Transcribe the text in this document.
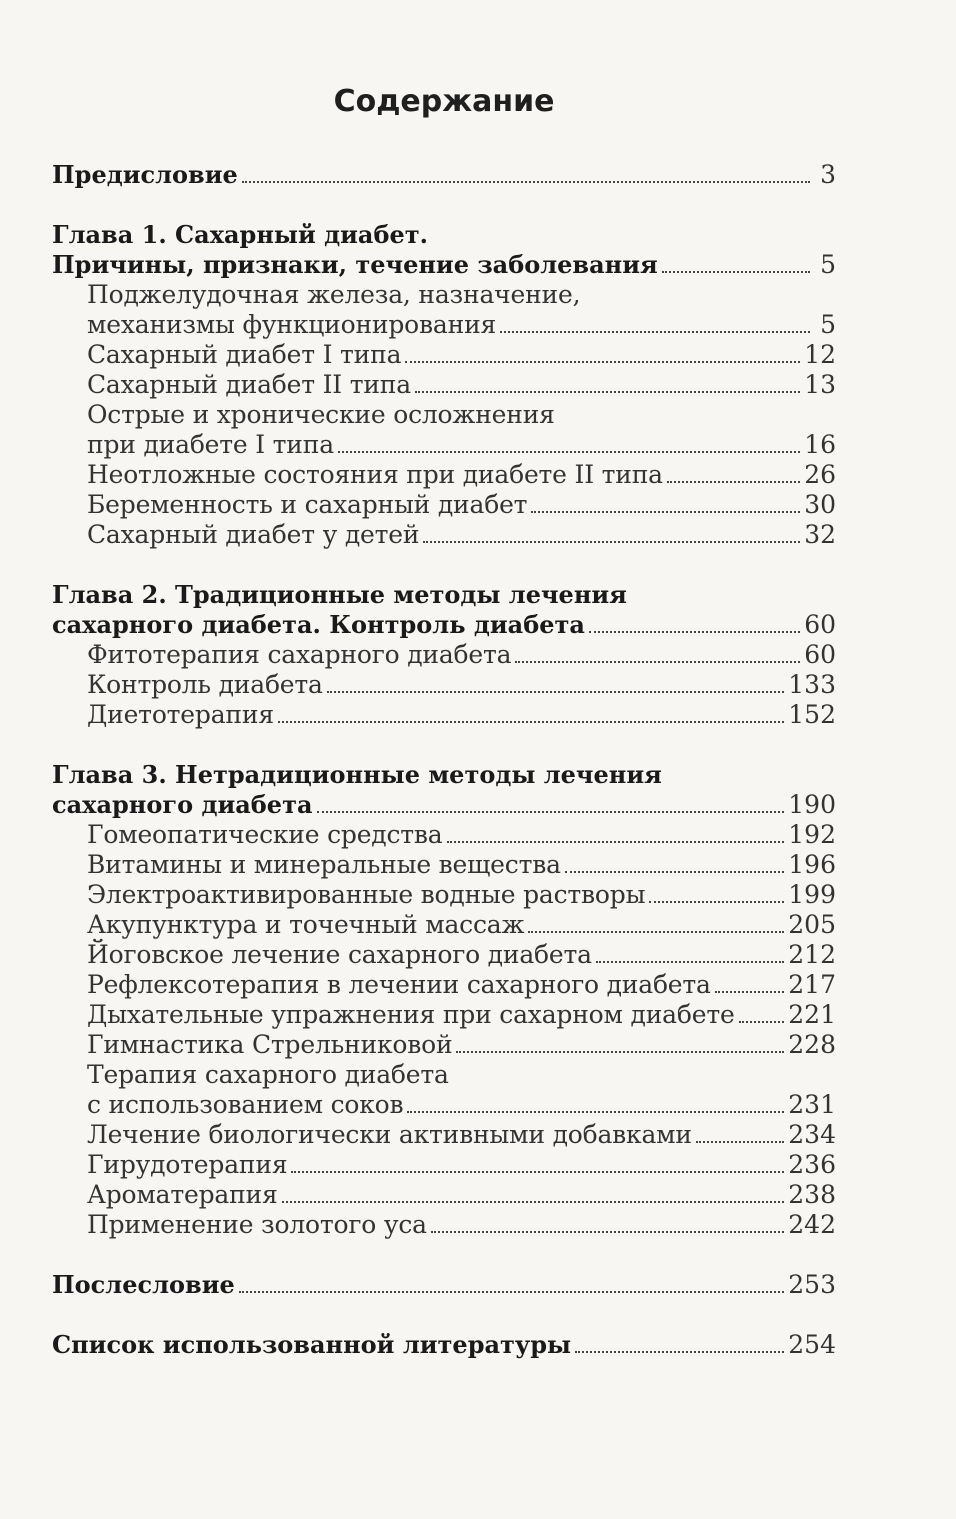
Содержание
Предисловие	3
Глава 1. Сахарный диабет.
Причины, признаки, течение заболевания	5
Поджелудочная железа, назначение,
механизмы функционирования	5
Сахарный диабет I типа	12
Сахарный диабет II типа	13
Острые и хронические осложнения
при диабете I типа	16
Неотложные состояния при диабете II типа	26
Беременность и сахарный диабет	30
Сахарный диабет у детей	32
Глава 2. Традиционные методы лечения
сахарного диабета. Контроль диабета	60
Фитотерапия сахарного диабета	60
Контроль диабета	133
Диетотерапия	152
Глава 3. Нетрадиционные методы лечения
сахарного диабета	190
Гомеопатические средства	192
Витамины и минеральные вещества	196
Электроактивированные водные растворы	199
Акупунктура и точечный массаж	205
Йоговское лечение сахарного диабета	212
Рефлексотерапия в лечении сахарного диабета	217
Дыхательные упражнения при сахарном диабете 221
Гимнастика Стрельниковой	228
Терапия сахарного диабета
с использованием соков	231
Лечение биологически активными добавками	234
Гирудотерапия	236
Ароматерапия	238
Применение золотого уса	242
Послесловие	253
Список использованной литературы	254
